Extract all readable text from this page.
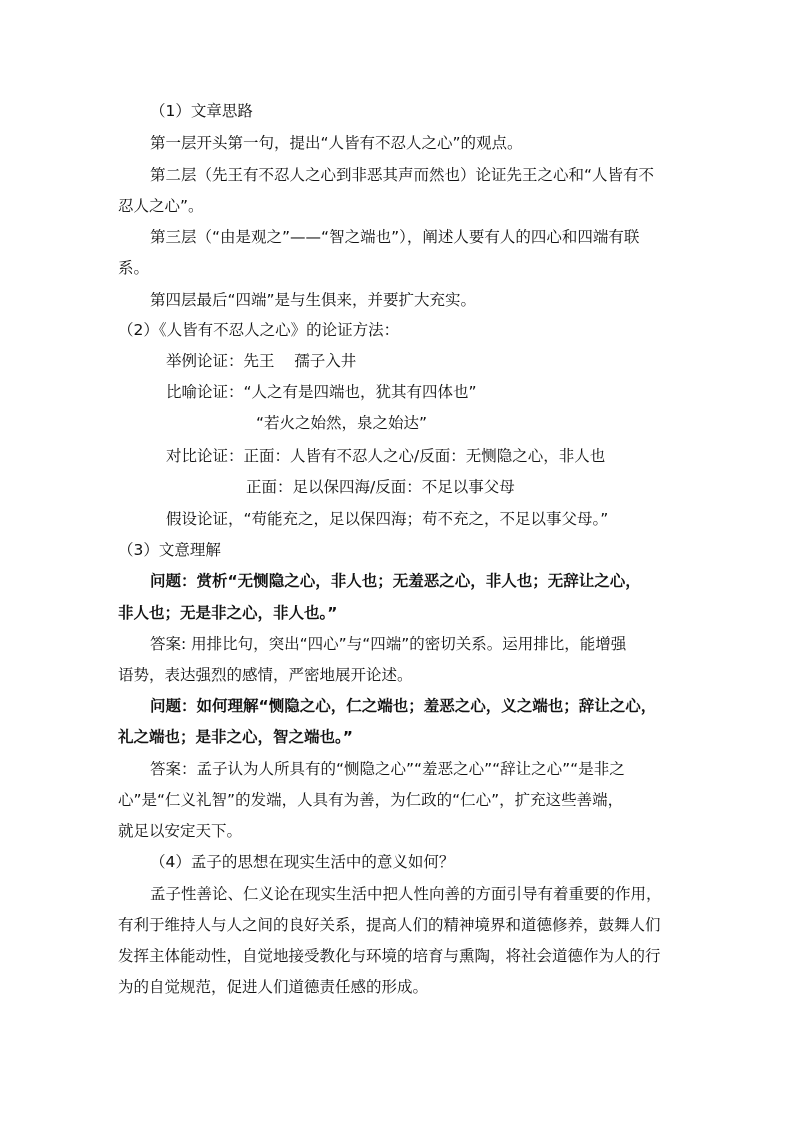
（1）文章思路
第一层开头第一句，提出“人皆有不忍人之心”的观点。
第二层（先王有不忍人之心到非恶其声而然也）论证先王之心和“人皆有不
忍人之心”。
第三层（“由是观之”——“智之端也”），阐述人要有人的四心和四端有联
系。
第四层最后“四端”是与生俱来，并要扩大充实。
（2）《人皆有不忍人之心》的论证方法：
举例论证：先王    孺子入井
比喻论证：“人之有是四端也，犹其有四体也”
“若火之始然，泉之始达”
对比论证：正面：人皆有不忍人之心/反面：无恻隐之心，非人也
正面：足以保四海/反面：不足以事父母
假设论证，“苟能充之，足以保四海；苟不充之，不足以事父母。”
（3）文意理解
问题：赏析“无恻隐之心，非人也；无羞恶之心，非人也；无辞让之心，
非人也；无是非之心，非人也。”
答案: 用排比句，突出“四心”与“四端”的密切关系。运用排比，能增强
语势，表达强烈的感情，严密地展开论述。
问题：如何理解“恻隐之心，仁之端也；羞恶之心，义之端也；辞让之心，
礼之端也；是非之心，智之端也。”
答案：孟子认为人所具有的“恻隐之心”“羞恶之心”“辞让之心”“是非之
心”是“仁义礼智”的发端，人具有为善，为仁政的“仁心”，扩充这些善端，
就足以安定天下。
（4）孟子的思想在现实生活中的意义如何？
孟子性善论、仁义论在现实生活中把人性向善的方面引导有着重要的作用，
有利于维持人与人之间的良好关系，提高人们的精神境界和道德修养，鼓舞人们
发挥主体能动性，自觉地接受教化与环境的培育与熏陶，将社会道德作为人的行
为的自觉规范，促进人们道德责任感的形成。
